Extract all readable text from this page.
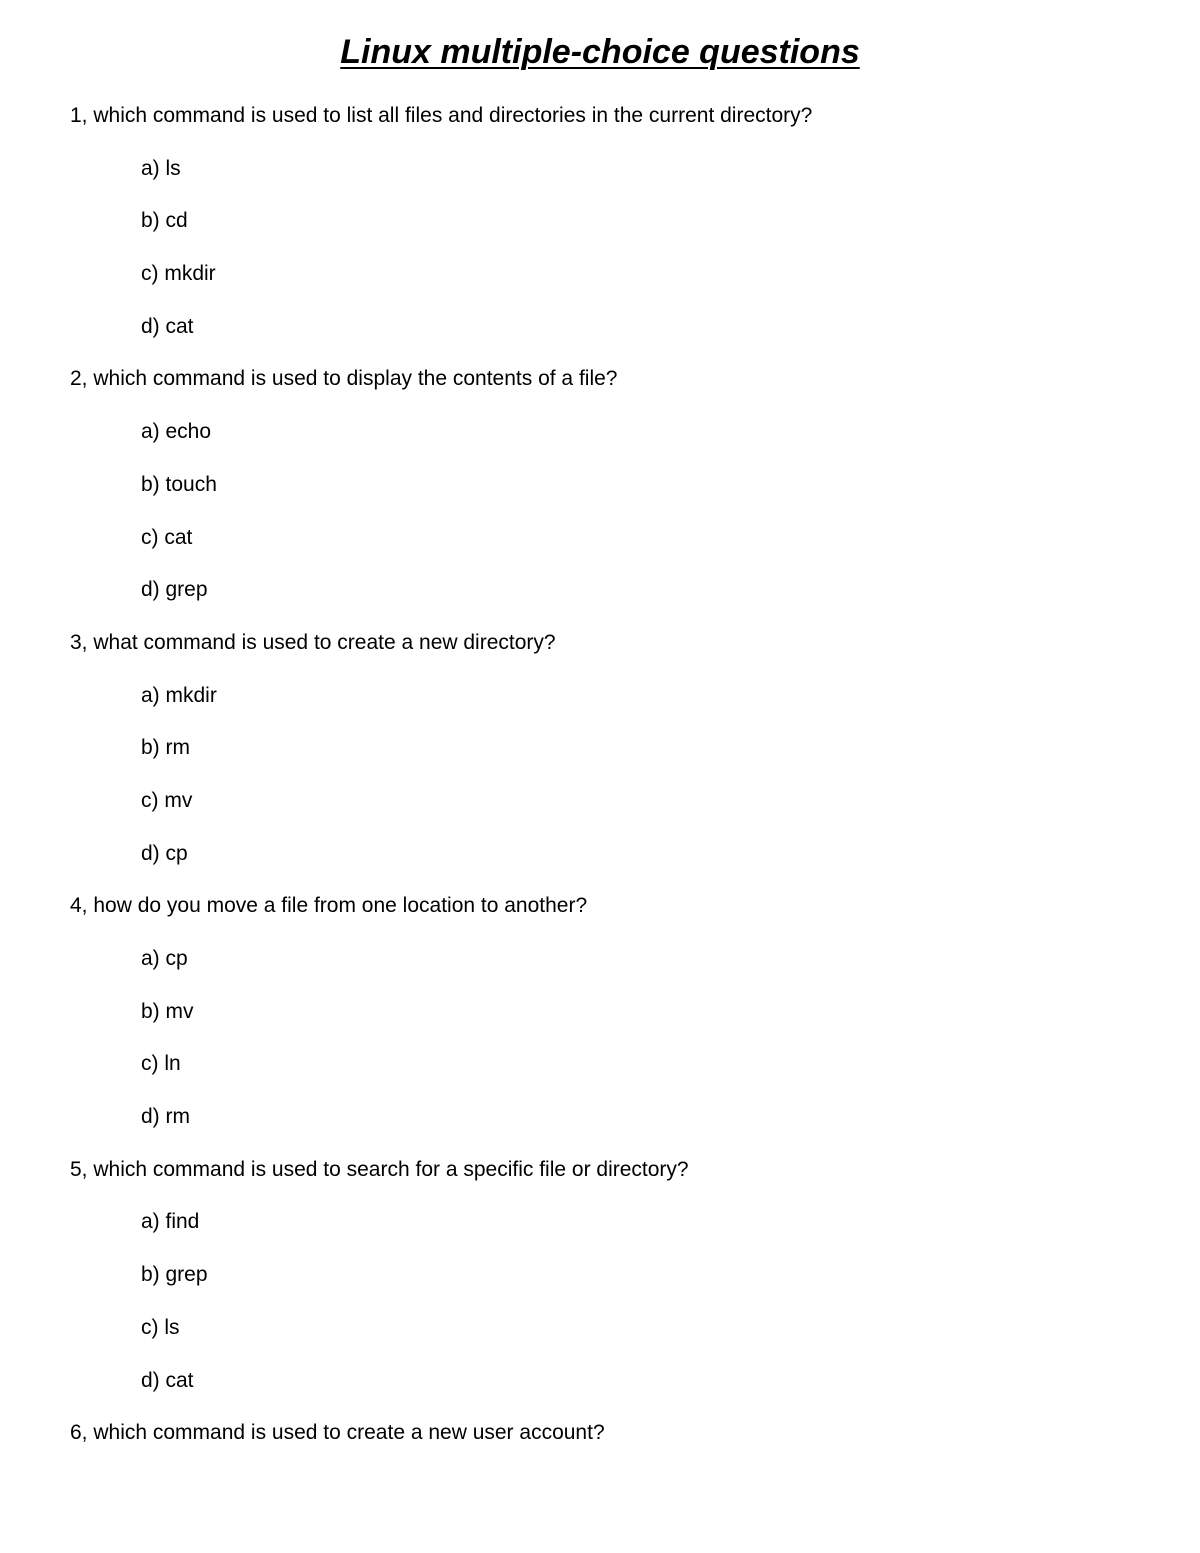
Linux multiple-choice questions
1, which command is used to list all files and directories in the current directory?
a) ls
b) cd
c) mkdir
d) cat
2, which command is used to display the contents of a file?
a) echo
b) touch
c) cat
d) grep
3, what command is used to create a new directory?
a) mkdir
b) rm
c) mv
d) cp
4, how do you move a file from one location to another?
a) cp
b) mv
c) ln
d) rm
5, which command is used to search for a specific file or directory?
a) find
b) grep
c) ls
d) cat
6, which command is used to create a new user account?
